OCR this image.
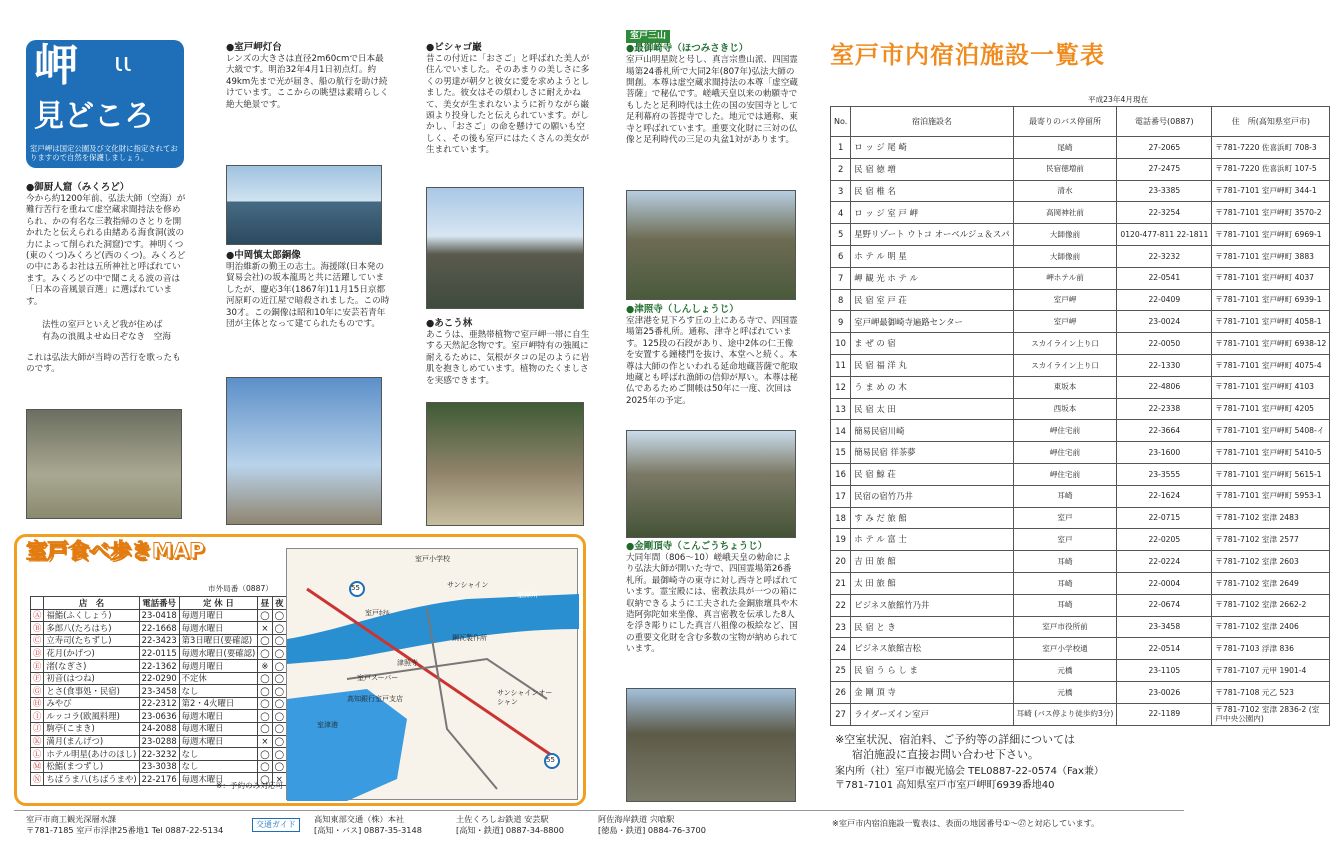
岬 ιι
見どころ
室戸岬は国定公園及び文化財に指定されておりますので自然を保護しましょう。
●御厨人窟（みくろど）
今から約1200年前、弘法大師（空海）が難行苦行を重ねて虚空蔵求聞持法を修められ、かの有名な三教指帰のさとりを開かれたと伝えられる由緒ある海食洞(波の力によって削られた洞窟)です。神明くつ(東のくつ)みくろど(西のくつ)。みくろどの中にあるお社は五所神社と呼ばれています。みくろどの中で聞こえる波の音は「日本の音風景百選」に選ばれています。
法性の室戸といえど我が住めば
有為の浪風よせぬ日ぞなき　空海
これは弘法大師が当時の苦行を歌ったものです。
●室戸岬灯台
レンズの大きさは直径2m60cmで日本最大級です。明治32年4月1日初点灯。約49km先まで光が届き、船の航行を助け続けています。ここからの眺望は素晴らしく絶大絶景です。
●中岡慎太郎銅像
明治維新の勤王の志士。海援隊(日本発の貿易会社)の坂本龍馬と共に活躍していましたが、慶応3年(1867年)11月15日京都河原町の近江屋で暗殺されました。この時30才。この銅像は昭和10年に安芸若青年団が主体となって建てられたものです。
●ビシャゴ巌
昔この付近に「おさご」と呼ばれた美人が住んでいました。そのあまりの美しさに多くの男達が朝夕と彼女に愛を求めようとしました。彼女はその煩わしさに耐えかねて、美女が生まれないように祈りながら巌頭より投身したと伝えられています。がしかし、「おさご」の命を懸けての願いも空しく、その後も室戸にはたくさんの美女が生まれています。
●あこう林
あこうは、亜熱帯植物で室戸岬一帯に自生する天然記念物です。室戸岬特有の強風に耐えるために、気根がタコの足のように岩肌を抱きしめています。植物のたくましさを実感できます。
室戸三山
●最御崎寺（ほつみさきじ）
室戸山明星院と号し、真言宗豊山派、四国霊場第24番札所で大同2年(807年)弘法大師の開創。本尊は虚空蔵求聞持法の本尊「虚空蔵菩薩」で秘仏です。嵯峨天皇以来の勅願寺でもしたと足利時代は土佐の国の安国寺として足利幕府の菩提寺でした。地元では通称、東寺と呼ばれています。重要文化財に三対の仏像と足利時代の三足の丸盆1対があります。
●津照寺（しんしょうじ）
室津港を見下ろす丘の上にある寺で、四国霊場第25番札所。通称、津寺と呼ばれています。125段の石段があり、途中2体の仁王像を安置する鐘楼門を抜け、本堂へと続く。本尊は大師の作といわれる延命地蔵菩薩で舵取地蔵とも呼ばれ漁師の信仰が厚い。本尊は秘仏であるためご開帳は50年に一度、次回は2025年の予定。
●金剛頂寺（こんごうちょうじ）
大同年間（806〜10）嵯峨天皇の勅命により弘法大師が開いた寺で、四国霊場第26番札所。最御崎寺の東寺に対し西寺と呼ばれています。霊宝殿には、密教法具が一つの箱に収納できるように工夫された金銅旅壇具や木造阿弥陀如来坐像、真言密教を伝承した8人を浮き彫りにした真言八祖像の板絵など、国の重要文化財を含む多数の宝物が納められています。
室戸食べ歩きMAP
市外局番（0887）
	店　名	電話番号	定 休 日	昼	夜
Ⓐ	福鮨(ふくしょう)	23-0418	毎週月曜日	◯	◯
Ⓑ	多郎八(たろはち)	22-1668	毎週水曜日	×	◯
Ⓒ	立寿司(たちずし)	22-3423	第3日曜日(要確認)	◯	◯
Ⓓ	花月(かげつ)	22-0115	毎週水曜日(要確認)	◯	◯
Ⓔ	渚(なぎさ)	22-1362	毎週月曜日	※	◯
Ⓕ	初音(はつね)	22-0290	不定休	◯	◯
Ⓖ	とさ(食事処・民宿)	23-3458	なし	◯	◯
Ⓗ	みやび	22-2312	第2・4火曜日	◯	◯
Ⓘ	ルッコラ(欧風料理)	23-0636	毎週木曜日	◯	◯
Ⓙ	駒亭(こまき)	24-2088	毎週木曜日	◯	◯
Ⓚ	満月(まんげつ)	23-0288	毎週木曜日	×	◯
Ⓛ	ホテル明星(あけのほし)	22-3232	なし	◯	◯
Ⓜ	松鮨(まつずし)	23-3038	なし	◯	◯
Ⓝ	ちばうま八(ちばうまや)	22-2176	毎週木曜日	◯	×
※：予約のみ対応可
室戸小学校
サンシャイン
室津川
室戸ﾎﾃﾙ
鋼瓦製作所
室戸スーパー
津照寺
高知銀行室戸支店
サンシャインオーシャン
室津港
55
55
室戸市内宿泊施設一覧表
平成23年4月現在
No.	宿泊施設名	最寄りのバス停留所	電話番号(0887)	住　所(高知県室戸市)
1	ロ ッ ジ 尾 崎	尾崎	27-2065	〒781-7220 佐喜浜町 708-3
2	民 宿 徳 増	民宿徳増前	27-2475	〒781-7220 佐喜浜町 107-5
3	民 宿 椎 名	清水	23-3385	〒781-7101 室戸岬町 344-1
4	ロ ッ ジ 室 戸 岬	高岡神社前	22-3254	〒781-7101 室戸岬町 3570-2
5	星野リゾート ウトコ オーベルジュ＆スパ	大師像前	0120-477-811 22-1811	〒781-7101 室戸岬町 6969-1
6	ホ テ ル 明 星	大師像前	22-3232	〒781-7101 室戸岬町 3883
7	岬 観 光 ホ テ ル	岬ホテル前	22-0541	〒781-7101 室戸岬町 4037
8	民 宿 室 戸 荘	室戸岬	22-0409	〒781-7101 室戸岬町 6939-1
9	室戸岬最御崎寺遍路センター	室戸岬	23-0024	〒781-7101 室戸岬町 4058-1
10	ま ぜ の 宿	スカイライン上り口	22-0050	〒781-7101 室戸岬町 6938-12
11	民 宿 福 洋 丸	スカイライン上り口	22-1330	〒781-7101 室戸岬町 4075-4
12	う ま め の 木	東坂本	22-4806	〒781-7101 室戸岬町 4103
13	民 宿 太 田	西坂本	22-2338	〒781-7101 室戸岬町 4205
14	簡易民宿川崎	岬住宅前	22-3664	〒781-7101 室戸岬町 5408-イ
15	簡易民宿 徉茶夢	岬住宅前	23-1600	〒781-7101 室戸岬町 5410-5
16	民 宿 鯨 荘	岬住宅前	23-3555	〒781-7101 室戸岬町 5615-1
17	民宿の宿竹乃井	耳崎	22-1624	〒781-7101 室戸岬町 5953-1
18	す み だ 旅 館	室戸	22-0715	〒781-7102 室津 2483
19	ホ テ ル 富 士	室戸	22-0205	〒781-7102 室津 2577
20	吉 田 旅 館	耳崎	22-0224	〒781-7102 室津 2603
21	太 田 旅 館	耳崎	22-0004	〒781-7102 室津 2649
22	ビジネス旅館竹乃井	耳崎	22-0674	〒781-7102 室津 2662-2
23	民 宿 と き	室戸市役所前	23-3458	〒781-7102 室津 2406
24	ビジネス旅館吉松	室戸小学校通	22-0514	〒781-7103 浮津 836
25	民 宿 う ら し ま	元橋	23-1105	〒781-7107 元甲 1901-4
26	金 剛 頂 寺	元橋	23-0026	〒781-7108 元乙 523
27	ライダーズイン室戸	耳崎 (バス停より徒歩約3分)	22-1189	〒781-7102 室津 2836-2 (室戸中央公園内)
※空室状況、宿泊料、ご予約等の詳細については
宿泊施設に直接お問い合わせ下さい。
案内所（社）室戸市観光協会 TEL0887-22-0574（Fax兼）
〒781-7101 高知県室戸市室戸岬町6939番地40
室戸市商工観光深層水課
〒781-7185 室戸市浮津25番地1 Tel 0887-22-5134
交通ガイド
高知東部交通（株）本社
[高知・バス] 0887-35-3148
土佐くろしお鉄道 安芸駅
[高知・鉄道] 0887-34-8800
阿佐海岸鉄道 宍喰駅
[徳島・鉄道] 0884-76-3700
※室戸市内宿泊施設一覧表は、表面の地図番号①〜㉗と対応しています。
